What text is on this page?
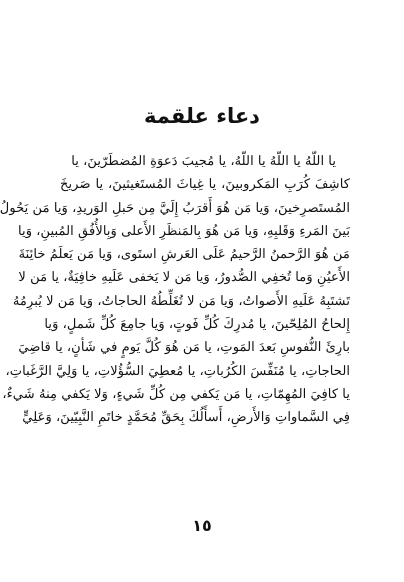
دعاء علقمة
يا اللّهُ يا اللّهُ يا اللّهُ، يا مُجيبَ دَعوَةِ المُضطَرّينَ، يا
كاشِفَ كُرَبِ المَكروبينَ، يا غِياثَ المُستَغيثينَ، يا صَريخَ
المُستَصرِخينَ، وَيا مَن هُوَ أَقرَبُ إِلَيَّ مِن حَبلِ الوَريدِ، وَيا مَن يَحُولُ
بَينَ المَرءِ وَقَلبِهِ، وَيا مَن هُوَ بِالمَنظَرِ الأَعلى وَبِالأُفُقِ المُبينِ، وَيا
مَن هُوَ الرَّحمنُ الرَّحيمُ عَلَى العَرشِ استَوى، وَيا مَن يَعلَمُ خائِنَةَ
الأَعيُنِ وَما تُخفِي الصُّدورُ، وَيا مَن لا يَخفى عَلَيهِ خافِيَةٌ، يا مَن لا
تَشتَبِهُ عَلَيهِ الأَصواتُ، وَيا مَن لا تُغَلِّطُهُ الحاجاتُ، وَيا مَن لا يُبرِمُهُ
إِلحاحُ المُلِحّينَ، يا مُدرِكَ كُلِّ فَوتٍ، وَيا جامِعَ كُلِّ شَملٍ، وَيا
بارِئَ النُّفوسِ بَعدَ المَوتِ، يا مَن هُوَ كُلَّ يَومٍ في شَأنٍ، يا قاضِيَ
الحاجاتِ، يا مُنَفِّسَ الكُرُباتِ، يا مُعطِيَ السُّؤُلاتِ، يا وَلِيَّ الرَّغَباتِ،
يا كافِيَ المُهِمّاتِ، يا مَن يَكفي مِن كُلِّ شَيءٍ، وَلا يَكفي مِنهُ شَيءٌ،
فِي السَّماواتِ وَالأَرضِ، أَسأَلُكَ بِحَقِّ مُحَمَّدٍ خاتَمِ النَّبِيّينَ، وَعَلِيٍّ
١٥
